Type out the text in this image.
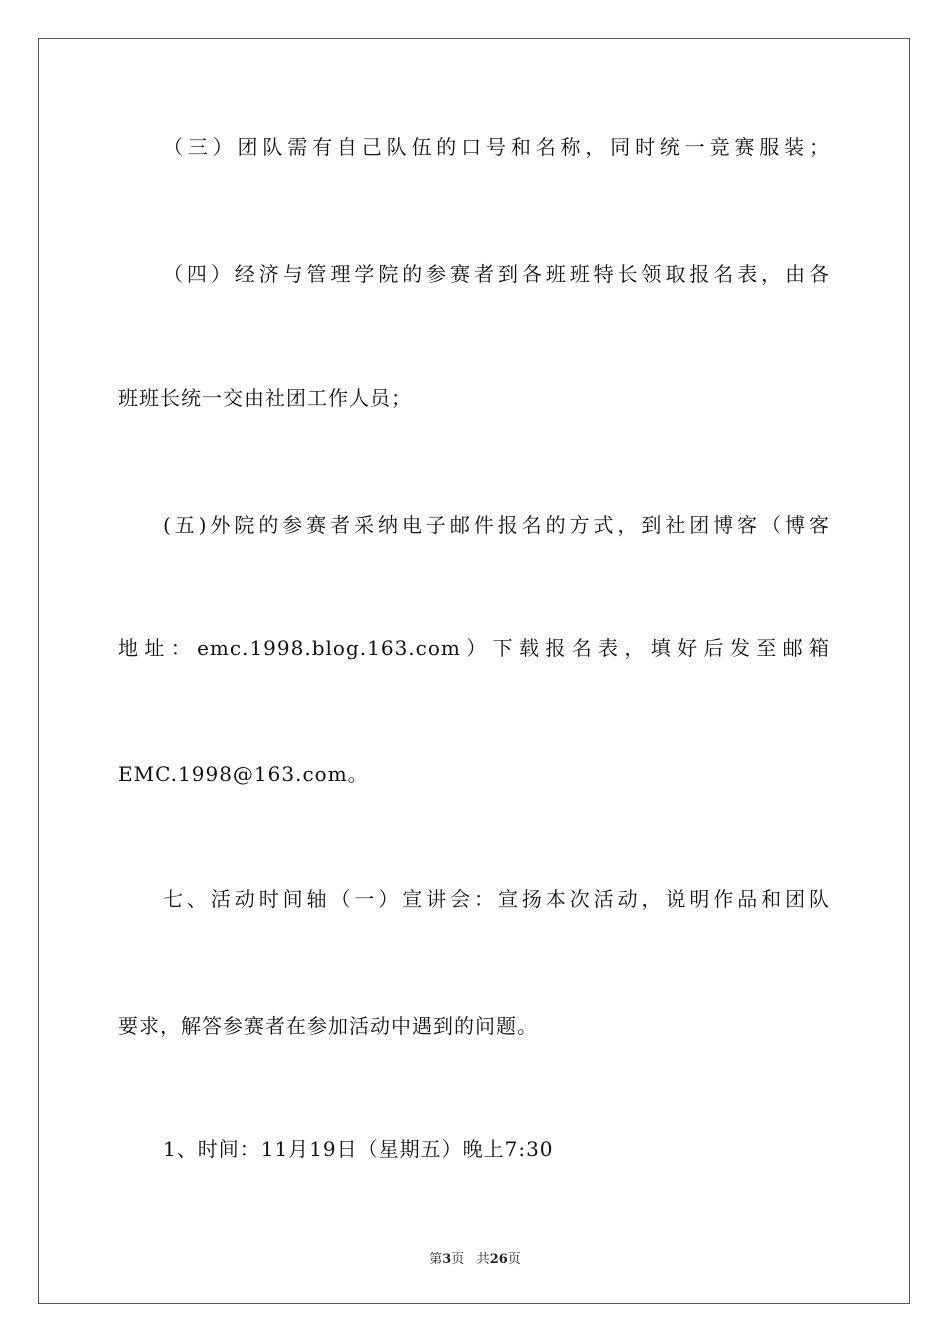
（三）团队需有自己队伍的口号和名称，同时统一竞赛服装；
（四）经济与管理学院的参赛者到各班班特长领取报名表，由各
班班长统一交由社团工作人员；
(五)外院的参赛者采纳电子邮件报名的方式，到社团博客（博客
地址：emc.1998.blog.163.com）下载报名表，填好后发至邮箱
EMC.1998@163.com。
七、活动时间轴（一）宣讲会：宣扬本次活动，说明作品和团队
要求，解答参赛者在参加活动中遇到的问题。
1、时间：11月19日（星期五）晚上7:30
第3页 共26页
